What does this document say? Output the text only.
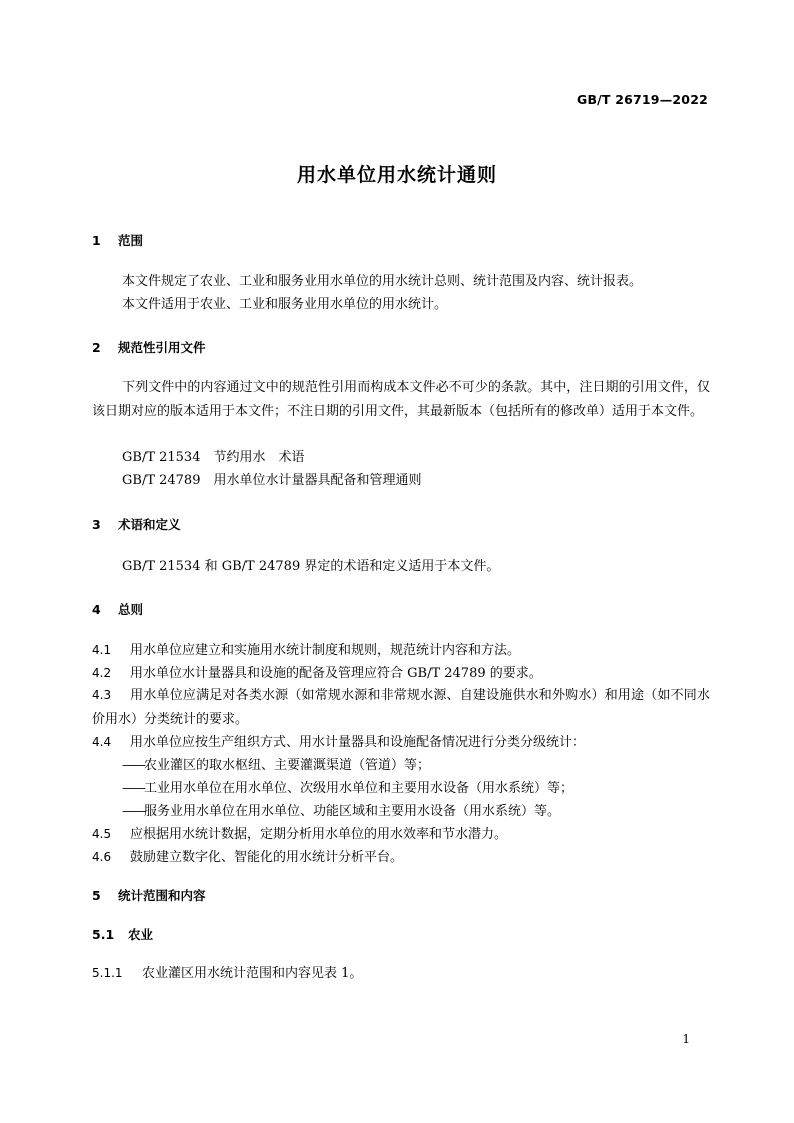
GB/T 26719—2022
用水单位用水统计通则
1 范围
本文件规定了农业、工业和服务业用水单位的用水统计总则、统计范围及内容、统计报表。
本文件适用于农业、工业和服务业用水单位的用水统计。
2 规范性引用文件
下列文件中的内容通过文中的规范性引用而构成本文件必不可少的条款。其中，注日期的引用文件，仅该日期对应的版本适用于本文件；不注日期的引用文件，其最新版本（包括所有的修改单）适用于本文件。
GB/T 21534　 节约用水　术语
GB/T 24789　 用水单位水计量器具配备和管理通则
3 术语和定义
GB/T 21534 和 GB/T 24789 界定的术语和定义适用于本文件。
4 总则
4.1 用水单位应建立和实施用水统计制度和规则，规范统计内容和方法。
4.2 用水单位水计量器具和设施的配备及管理应符合 GB/T 24789 的要求。
4.3 用水单位应满足对各类水源（如常规水源和非常规水源、自建设施供水和外购水）和用途（如不同水价用水）分类统计的要求。
4.4 用水单位应按生产组织方式、用水计量器具和设施配备情况进行分类分级统计：
——农业灌区的取水枢纽、主要灌溉渠道（管道）等；
——工业用水单位在用水单位、次级用水单位和主要用水设备（用水系统）等；
——服务业用水单位在用水单位、功能区域和主要用水设备（用水系统）等。
4.5 应根据用水统计数据，定期分析用水单位的用水效率和节水潜力。
4.6 鼓励建立数字化、智能化的用水统计分析平台。
5 统计范围和内容
5.1 农业
5.1.1 农业灌区用水统计范围和内容见表 1。
1
